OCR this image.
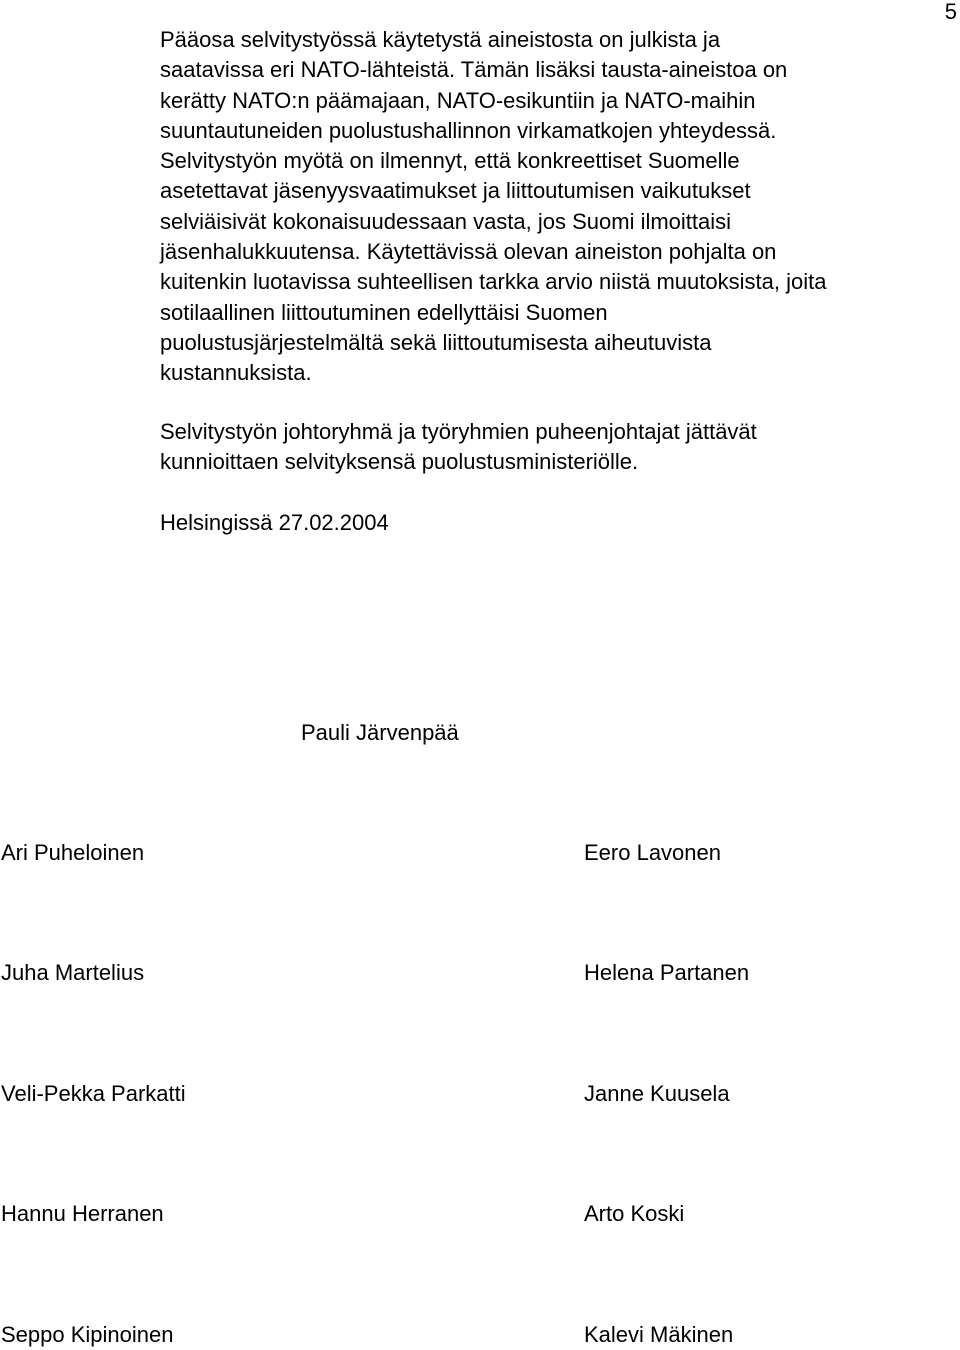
5
Pääosa selvitystyössä käytetystä aineistosta on julkista ja
saatavissa eri NATO-lähteistä. Tämän lisäksi tausta-aineistoa on
kerätty NATO:n päämajaan, NATO-esikuntiin ja NATO-maihin
suuntautuneiden puolustushallinnon virkamatkojen yhteydessä.
Selvitystyön myötä on ilmennyt, että konkreettiset Suomelle
asetettavat jäsenyysvaatimukset ja liittoutumisen vaikutukset
selviäisivät kokonaisuudessaan vasta, jos Suomi ilmoittaisi
jäsenhalukkuutensa. Käytettävissä olevan aineiston pohjalta on
kuitenkin luotavissa suhteellisen tarkka arvio niistä muutoksista, joita
sotilaallinen liittoutuminen edellyttäisi Suomen
puolustusjärjestelmältä sekä liittoutumisesta aiheutuvista
kustannuksista.
Selvitystyön johtoryhmä ja työryhmien puheenjohtajat jättävät
kunnioittaen selvityksensä puolustusministeriölle.
Helsingissä 27.02.2004
Pauli Järvenpää
Ari Puheloinen	Eero Lavonen
Juha Martelius	Helena Partanen
Veli-Pekka Parkatti	Janne Kuusela
Hannu Herranen	Arto Koski
Seppo Kipinoinen	Kalevi Mäkinen
